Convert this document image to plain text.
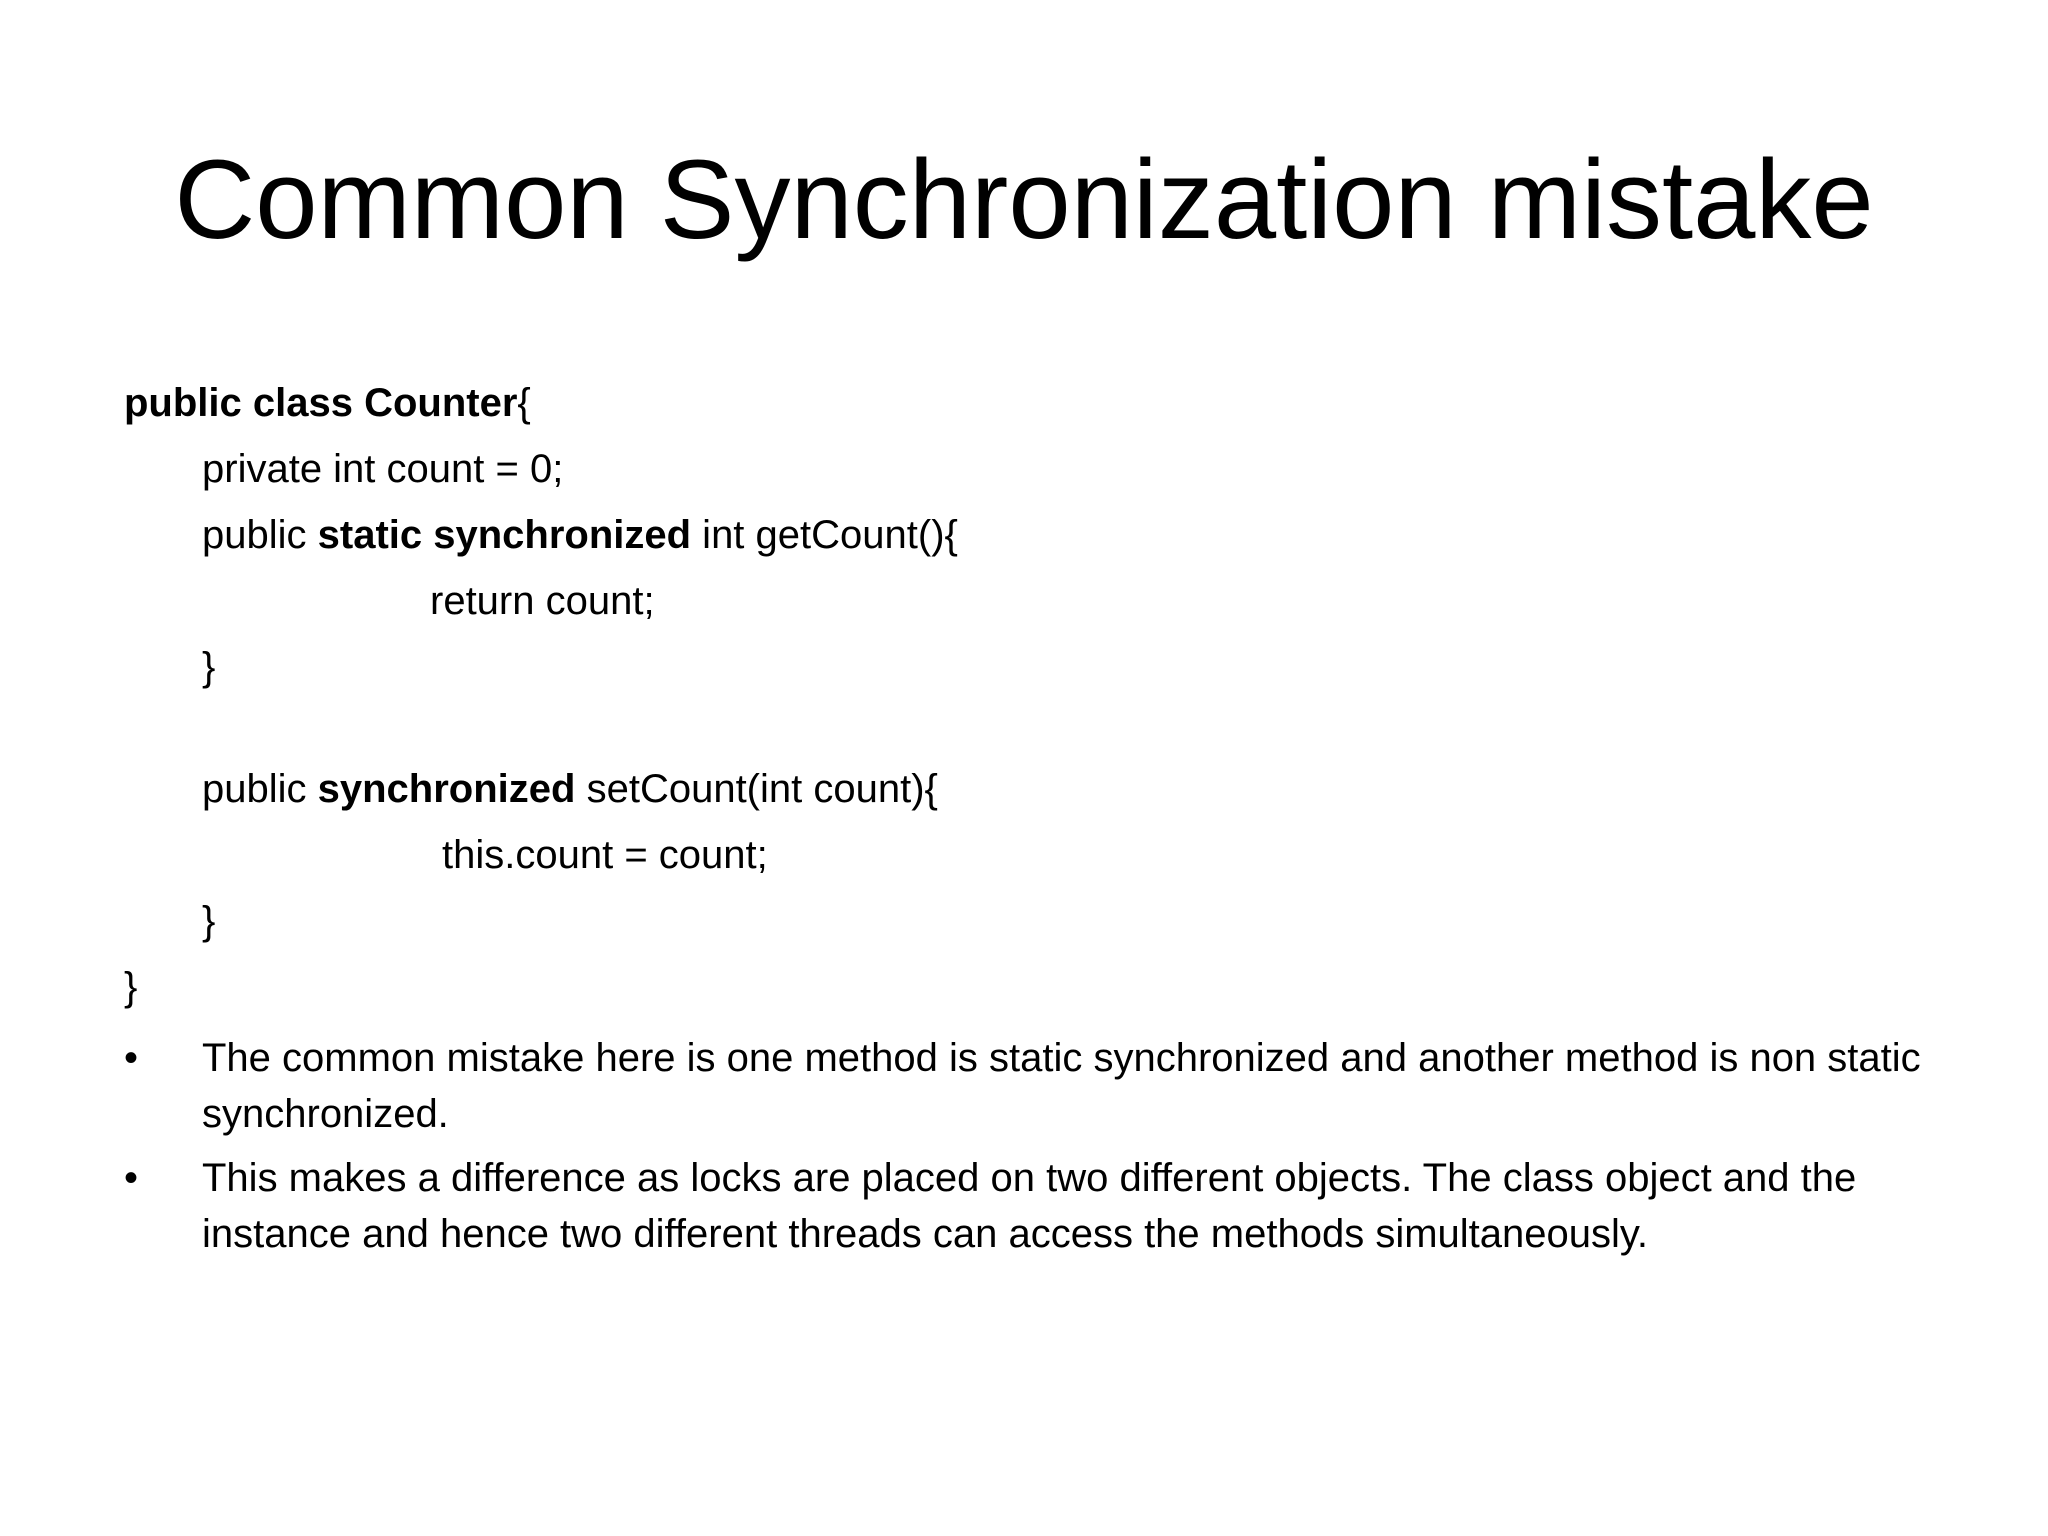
Common Synchronization mistake
public class Counter{
private int count = 0;
public static synchronized int getCount(){
return count;
}
public synchronized setCount(int count){
this.count = count;
}
}
•	The common mistake here is one method is static synchronized and another method is non static synchronized.
•	This makes a difference as locks are placed on two different objects. The class object and the instance and hence two different threads can access the methods simultaneously.
